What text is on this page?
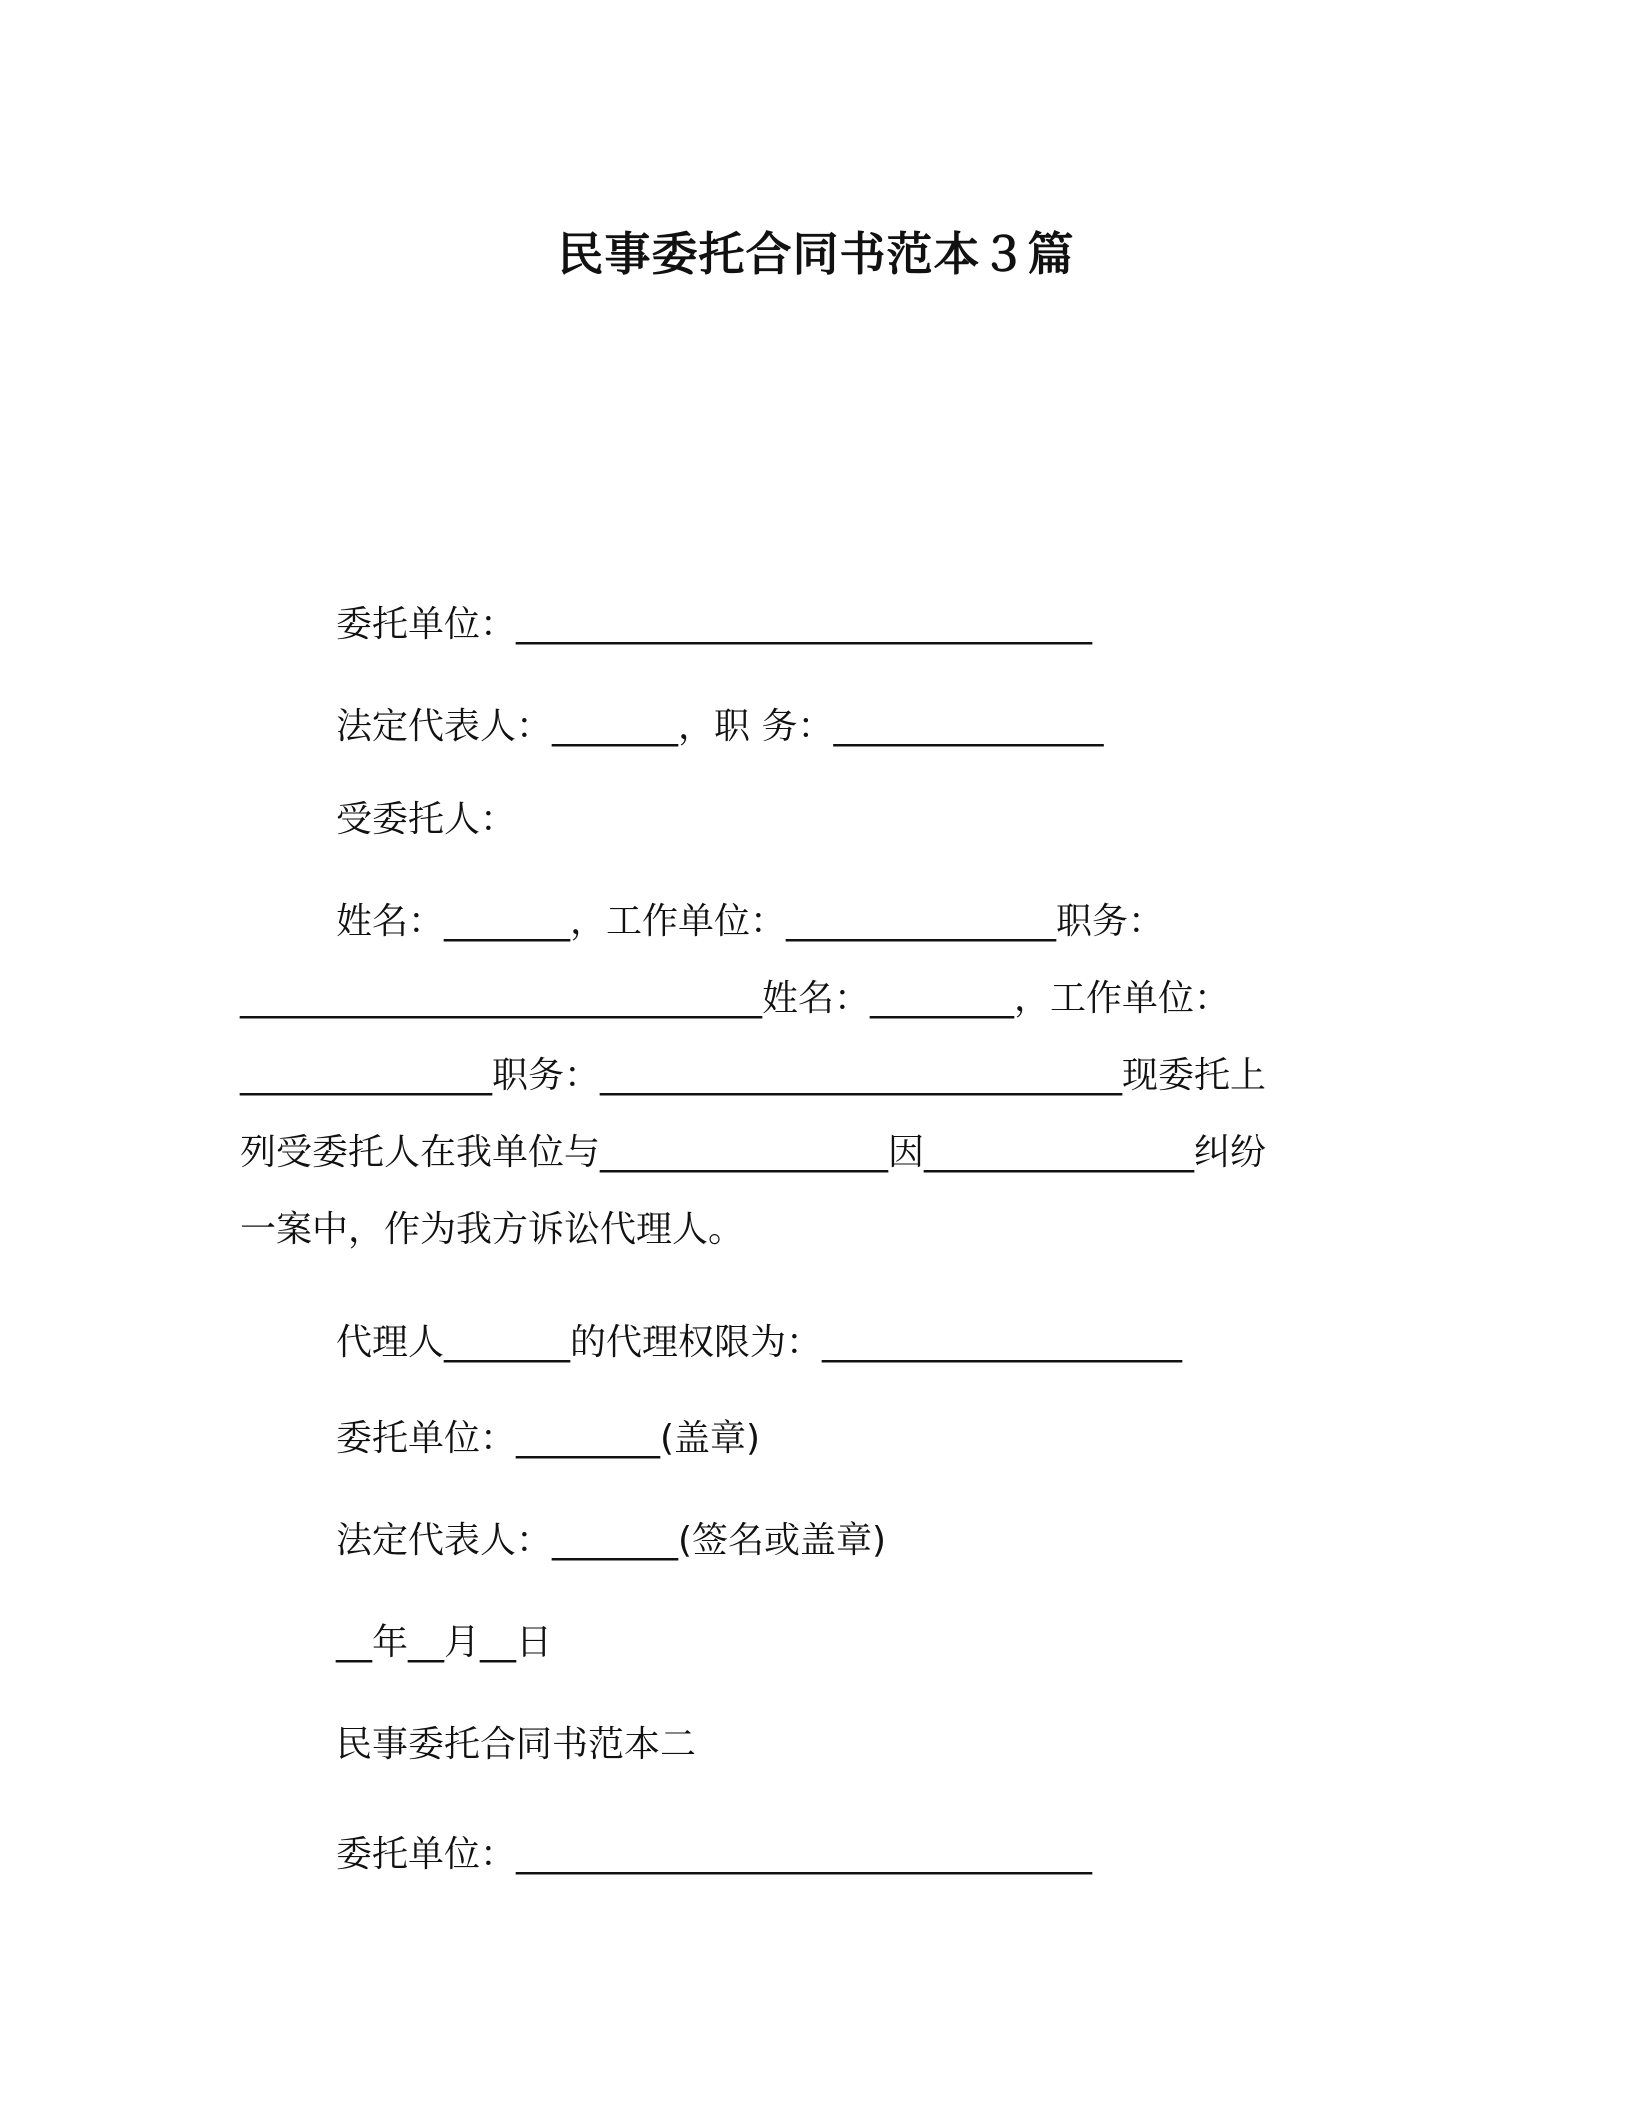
民事委托合同书范本３篇
委托单位：________________________________
法定代表人：_______，职 务：_______________
受委托人：
姓名：_______，工作单位：_______________职务：
_____________________________姓名：________，工作单位：
______________职务：_____________________________现委托上
列受委托人在我单位与________________因_______________纠纷
一案中，作为我方诉讼代理人。
代理人_______的代理权限为：____________________
委托单位：________(盖章)
法定代表人：_______(签名或盖章)
__年__月__日
民事委托合同书范本二
委托单位：________________________________
